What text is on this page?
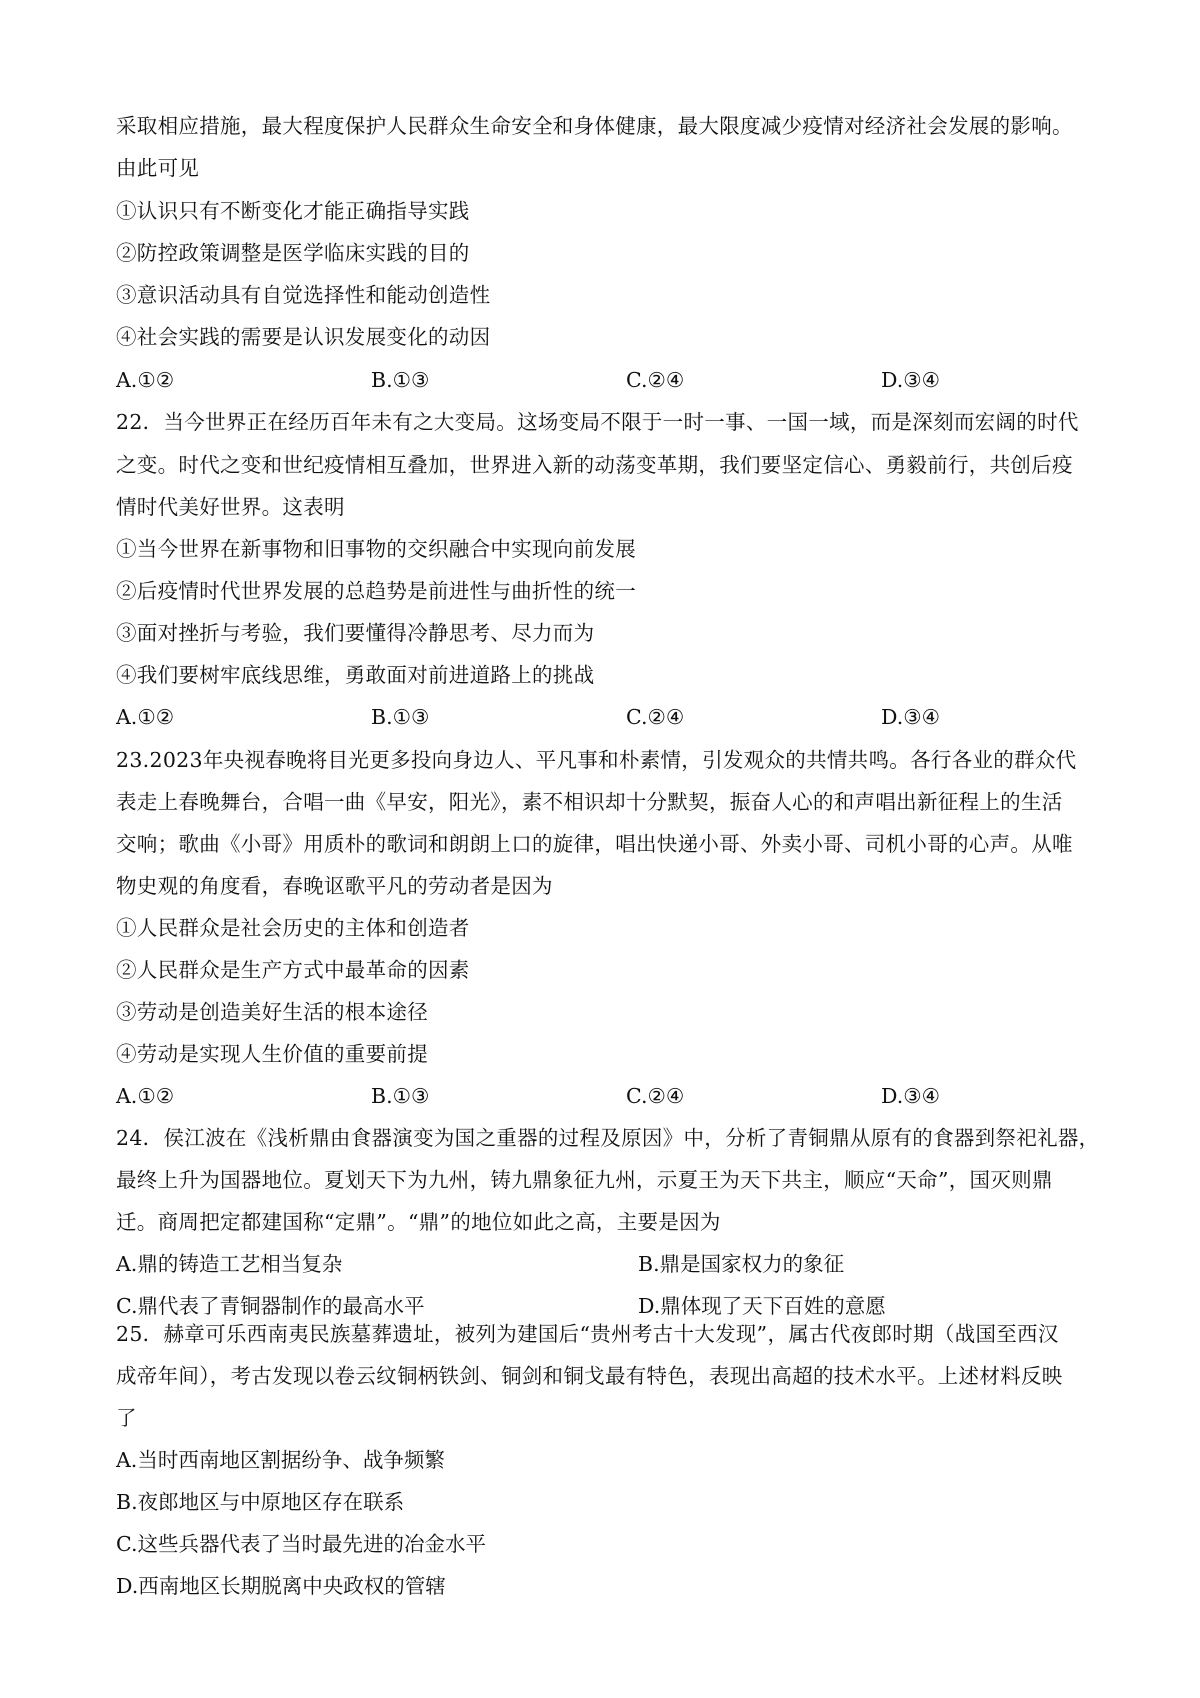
采取相应措施，最大程度保护人民群众生命安全和身体健康，最大限度减少疫情对经济社会发展的影响。
由此可见
①认识只有不断变化才能正确指导实践
②防控政策调整是医学临床实践的目的
③意识活动具有自觉选择性和能动创造性
④社会实践的需要是认识发展变化的动因
A.①②	B.①③	C.②④	D.③④
22．当今世界正在经历百年未有之大变局。这场变局不限于一时一事、一国一域，而是深刻而宏阔的时代
之变。时代之变和世纪疫情相互叠加，世界进入新的动荡变革期，我们要坚定信心、勇毅前行，共创后疫
情时代美好世界。这表明
①当今世界在新事物和旧事物的交织融合中实现向前发展
②后疫情时代世界发展的总趋势是前进性与曲折性的统一
③面对挫折与考验，我们要懂得冷静思考、尽力而为
④我们要树牢底线思维，勇敢面对前进道路上的挑战
A.①②	B.①③	C.②④	D.③④
23.2023年央视春晚将目光更多投向身边人、平凡事和朴素情，引发观众的共情共鸣。各行各业的群众代
表走上春晚舞台，合唱一曲《早安，阳光》，素不相识却十分默契，振奋人心的和声唱出新征程上的生活
交响；歌曲《小哥》用质朴的歌词和朗朗上口的旋律，唱出快递小哥、外卖小哥、司机小哥的心声。从唯
物史观的角度看，春晚讴歌平凡的劳动者是因为
①人民群众是社会历史的主体和创造者
②人民群众是生产方式中最革命的因素
③劳动是创造美好生活的根本途径
④劳动是实现人生价值的重要前提
A.①②	B.①③	C.②④	D.③④
24．侯江波在《浅析鼎由食器演变为国之重器的过程及原因》中，分析了青铜鼎从原有的食器到祭祀礼器，
最终上升为国器地位。夏划天下为九州，铸九鼎象征九州，示夏王为天下共主，顺应“天命”，国灭则鼎
迁。商周把定都建国称“定鼎”。“鼎”的地位如此之高，主要是因为
A.鼎的铸造工艺相当复杂	B.鼎是国家权力的象征
C.鼎代表了青铜器制作的最高水平	D.鼎体现了天下百姓的意愿
25．赫章可乐西南夷民族墓葬遗址，被列为建国后“贵州考古十大发现”，属古代夜郎时期（战国至西汉
成帝年间），考古发现以卷云纹铜柄铁剑、铜剑和铜戈最有特色，表现出高超的技术水平。上述材料反映
了
A.当时西南地区割据纷争、战争频繁
B.夜郎地区与中原地区存在联系
C.这些兵器代表了当时最先进的冶金水平
D.西南地区长期脱离中央政权的管辖
